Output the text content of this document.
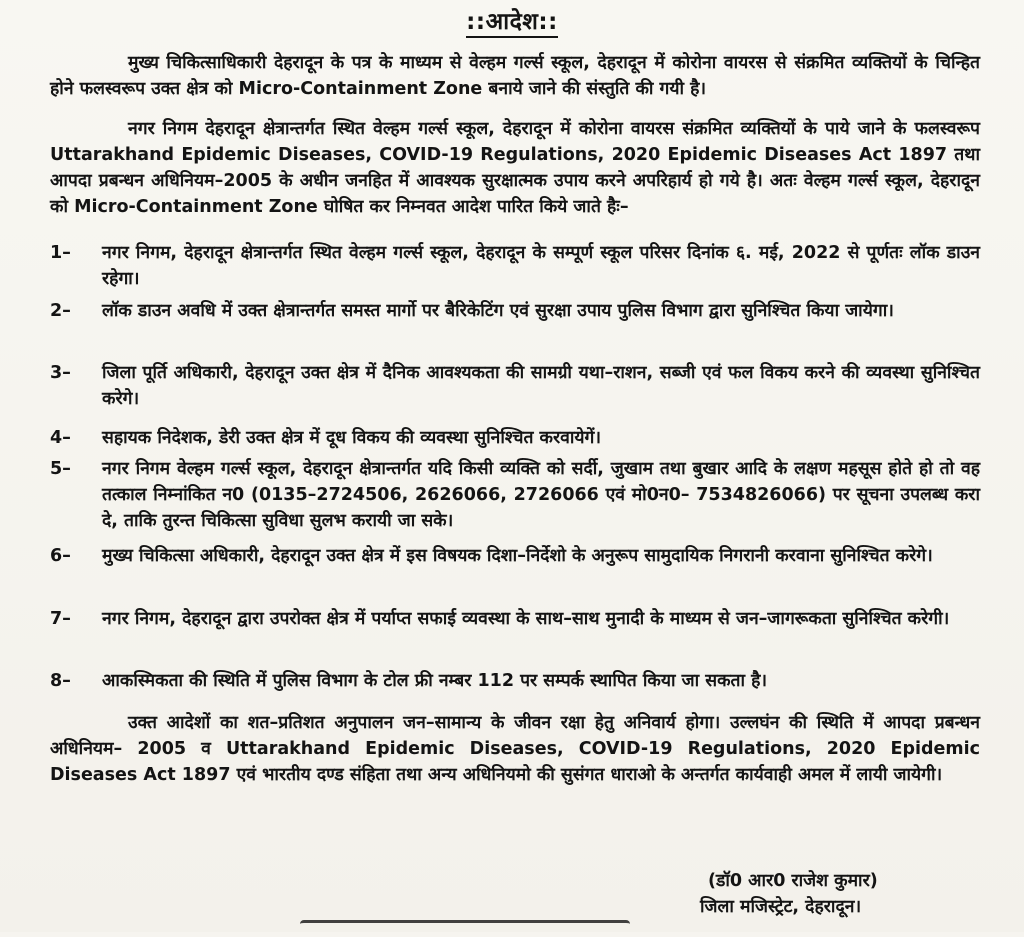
::आदेश::
मुख्य चिकित्साधिकारी देहरादून के पत्र के माध्यम से वेल्हम गर्ल्स स्कूल, देहरादून में कोरोना वायरस से संक्रमित व्यक्तियों के चिन्हित होने फलस्वरूप उक्त क्षेत्र को Micro-Containment Zone बनाये जाने की संस्तुति की गयी है।
नगर निगम देहरादून क्षेत्रान्तर्गत स्थित वेल्हम गर्ल्स स्कूल, देहरादून में कोरोना वायरस संक्रमित व्यक्तियों के पाये जाने के फलस्वरूप Uttarakhand Epidemic Diseases, COVID-19 Regulations, 2020 Epidemic Diseases Act 1897 तथा आपदा प्रबन्धन अधिनियम–2005 के अधीन जनहित में आवश्यक सुरक्षात्मक उपाय करने अपरिहार्य हो गये है। अतः वेल्हम गर्ल्स स्कूल, देहरादून को Micro-Containment Zone घोषित कर निम्नवत आदेश पारित किये जाते हैः–
1–	नगर निगम, देहरादून क्षेत्रान्तर्गत स्थित वेल्हम गर्ल्स स्कूल, देहरादून के सम्पूर्ण स्कूल परिसर दिनांक ६. मई, 2022 से पूर्णतः लॉक डाउन रहेगा।
2–	लॉक डाउन अवधि में उक्त क्षेत्रान्तर्गत समस्त मार्गो पर बैरिकेटिंग एवं सुरक्षा उपाय पुलिस विभाग द्वारा सुनिश्चित किया जायेगा।
3–	जिला पूर्ति अधिकारी, देहरादून उक्त क्षेत्र में दैनिक आवश्यकता की सामग्री यथा–राशन, सब्जी एवं फल विकय करने की व्यवस्था सुनिश्चित करेगे।
4–	सहायक निदेशक, डेरी उक्त क्षेत्र में दूध विकय की व्यवस्था सुनिश्चित करवायेगें।
5–	नगर निगम वेल्हम गर्ल्स स्कूल, देहरादून क्षेत्रान्तर्गत यदि किसी व्यक्ति को सर्दी, जुखाम तथा बुखार आदि के लक्षण महसूस होते हो तो वह तत्काल निम्नांकित न0 (0135–2724506, 2626066, 2726066 एवं मो0न0– 7534826066) पर सूचना उपलब्ध करा दे, ताकि तुरन्त चिकित्सा सुविधा सुलभ करायी जा सके।
6–	मुख्य चिकित्सा अधिकारी, देहरादून उक्त क्षेत्र में इस विषयक दिशा–निर्देशो के अनुरूप सामुदायिक निगरानी करवाना सुनिश्चित करेगे।
7–	नगर निगम, देहरादून द्वारा उपरोक्त क्षेत्र में पर्याप्त सफाई व्यवस्था के साथ–साथ मुनादी के माध्यम से जन–जागरूकता सुनिश्चित करेगी।
8–	आकस्मिकता की स्थिति में पुलिस विभाग के टोल फ्री नम्बर 112 पर सम्पर्क स्थापित किया जा सकता है।
उक्त आदेशों का शत–प्रतिशत अनुपालन जन–सामान्य के जीवन रक्षा हेतु अनिवार्य होगा। उल्लघंन की स्थिति में आपदा प्रबन्धन अधिनियम– 2005 व Uttarakhand Epidemic Diseases, COVID-19 Regulations, 2020 Epidemic Diseases Act 1897 एवं भारतीय दण्ड संहिता तथा अन्य अधिनियमो की सुसंगत धाराओ के अन्तर्गत कार्यवाही अमल में लायी जायेगी।
(डॉ0 आर0 राजेश कुमार)
जिला मजिस्ट्रेट, देहरादून।
